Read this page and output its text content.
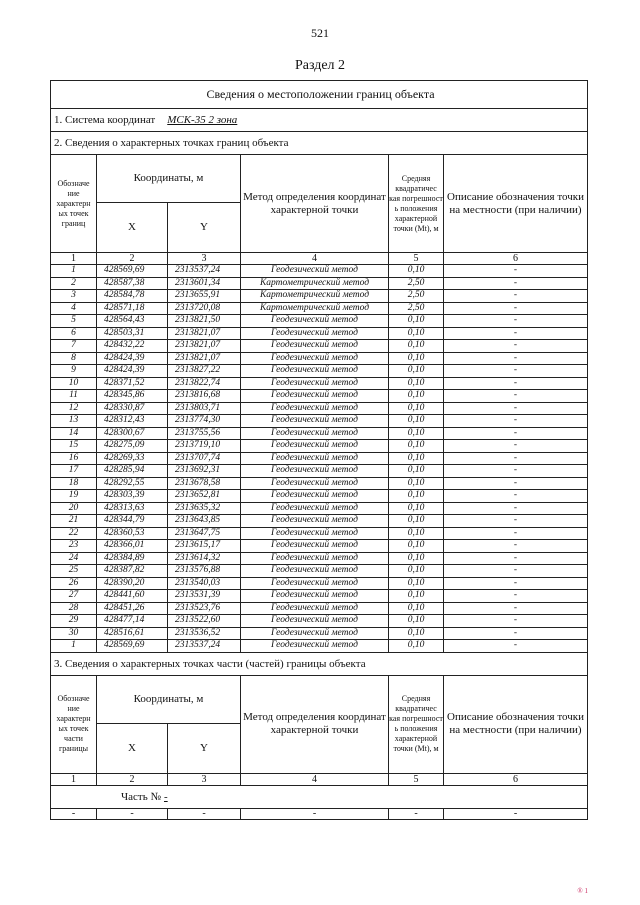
521
Раздел 2
Сведения о местоположении границ объекта					
1. Система координат МСК-35 2 зона					
2. Сведения о характерных точках границ объекта					
Обозначе ние характерн ых точек границ	Координаты, м		Метод определения координат характерной точки	Средняя квадратичес кая погрешност ь положения характерной точки (Mt), м	Описание обозначения точки на местности (при наличии)
	X	Y			
1	2	3	4	5	6
1	428569,69	2313537,24	Геодезический метод	0,10	-
2	428587,38	2313601,34	Картометрический метод	2,50	-
3	428584,78	2313655,91	Картометрический метод	2,50	-
4	428571,18	2313720,08	Картометрический метод	2,50	-
5	428564,43	2313821,50	Геодезический метод	0,10	-
6	428503,31	2313821,07	Геодезический метод	0,10	-
7	428432,22	2313821,07	Геодезический метод	0,10	-
8	428424,39	2313821,07	Геодезический метод	0,10	-
9	428424,39	2313827,22	Геодезический метод	0,10	-
10	428371,52	2313822,74	Геодезический метод	0,10	-
11	428345,86	2313816,68	Геодезический метод	0,10	-
12	428330,87	2313803,71	Геодезический метод	0,10	-
13	428312,43	2313774,30	Геодезический метод	0,10	-
14	428300,67	2313755,56	Геодезический метод	0,10	-
15	428275,09	2313719,10	Геодезический метод	0,10	-
16	428269,33	2313707,74	Геодезический метод	0,10	-
17	428285,94	2313692,31	Геодезический метод	0,10	-
18	428292,55	2313678,58	Геодезический метод	0,10	-
19	428303,39	2313652,81	Геодезический метод	0,10	-
20	428313,63	2313635,32	Геодезический метод	0,10	-
21	428344,79	2313643,85	Геодезический метод	0,10	-
22	428360,53	2313647,75	Геодезический метод	0,10	-
23	428366,01	2313615,17	Геодезический метод	0,10	-
24	428384,89	2313614,32	Геодезический метод	0,10	-
25	428387,82	2313576,88	Геодезический метод	0,10	-
26	428390,20	2313540,03	Геодезический метод	0,10	-
27	428441,60	2313531,39	Геодезический метод	0,10	-
28	428451,26	2313523,76	Геодезический метод	0,10	-
29	428477,14	2313522,60	Геодезический метод	0,10	-
30	428516,61	2313536,52	Геодезический метод	0,10	-
1	428569,69	2313537,24	Геодезический метод	0,10	-
3. Сведения о характерных точках части (частей) границы объекта					
Обозначе ние характерн ых точек части границы	Координаты, м		Метод определения координат характерной точки	Средняя квадратичес кая погрешност ь положения характерной точки (Mt), м	Описание обозначения точки на местности (при наличии)
	X	Y			
1	2	3	4	5	6
Часть № -					
-	-	-	-	-	-
® 1
